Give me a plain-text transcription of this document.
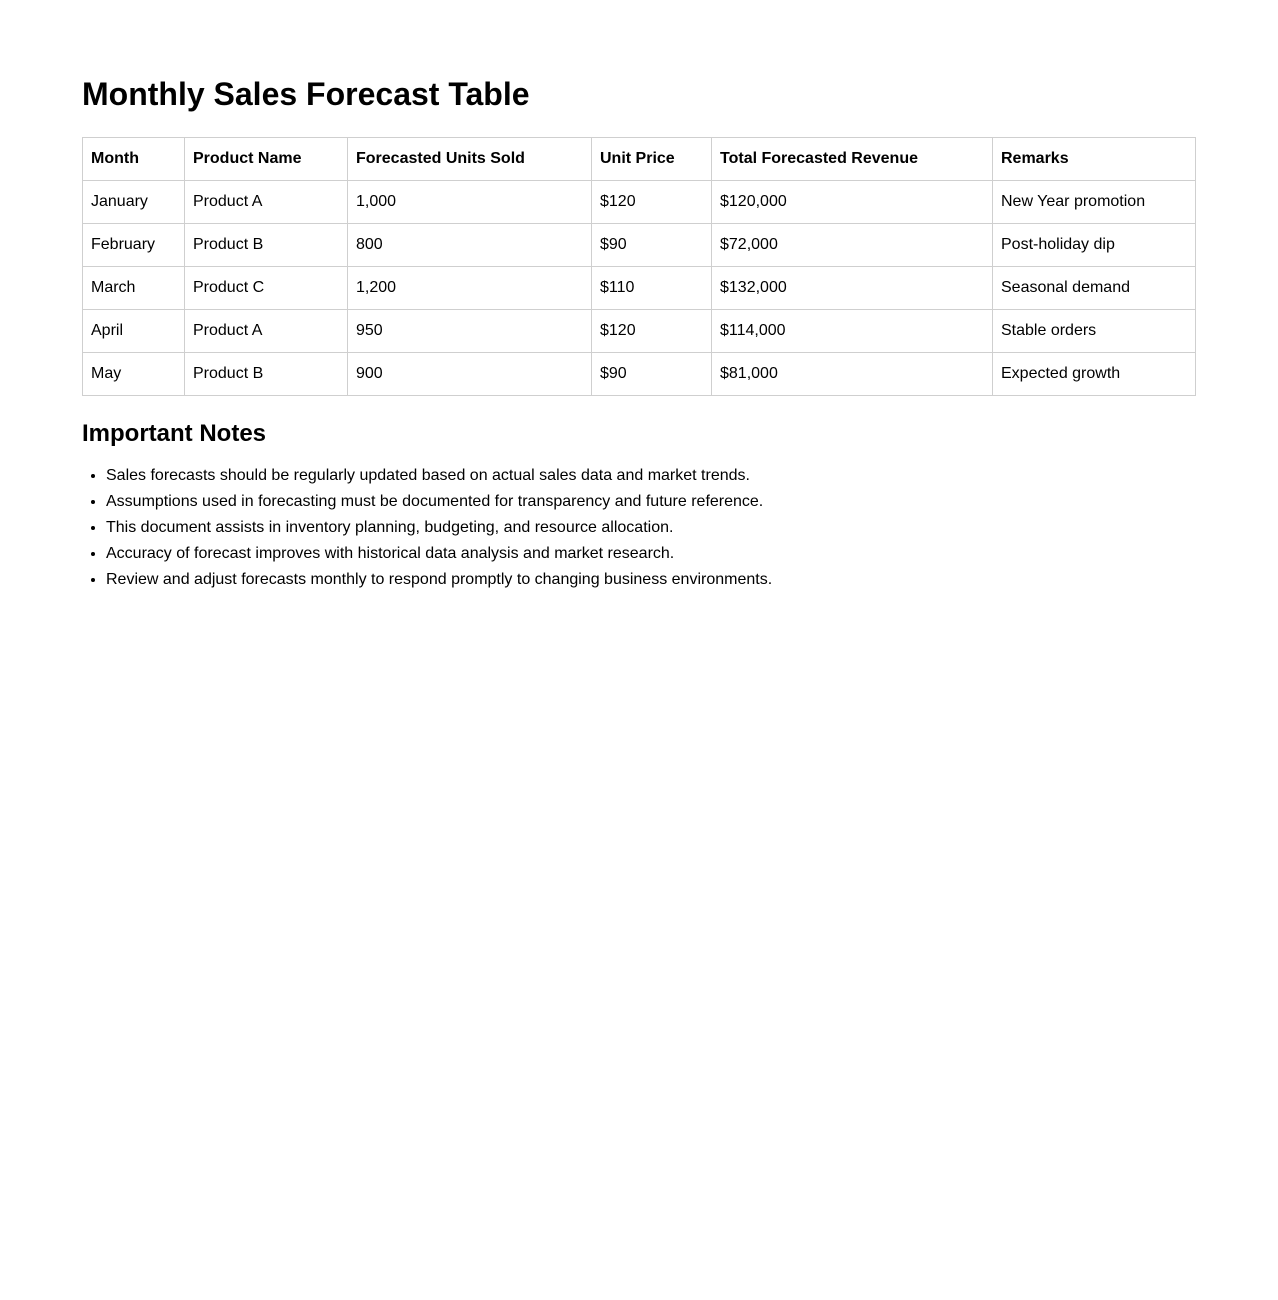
Monthly Sales Forecast Table
Month	Product Name	Forecasted Units Sold	Unit Price	Total Forecasted Revenue	Remarks
January	Product A	1,000	$120	$120,000	New Year promotion
February	Product B	800	$90	$72,000	Post-holiday dip
March	Product C	1,200	$110	$132,000	Seasonal demand
April	Product A	950	$120	$114,000	Stable orders
May	Product B	900	$90	$81,000	Expected growth
Important Notes
• Sales forecasts should be regularly updated based on actual sales data and market trends.
• Assumptions used in forecasting must be documented for transparency and future reference.
• This document assists in inventory planning, budgeting, and resource allocation.
• Accuracy of forecast improves with historical data analysis and market research.
• Review and adjust forecasts monthly to respond promptly to changing business environments.
